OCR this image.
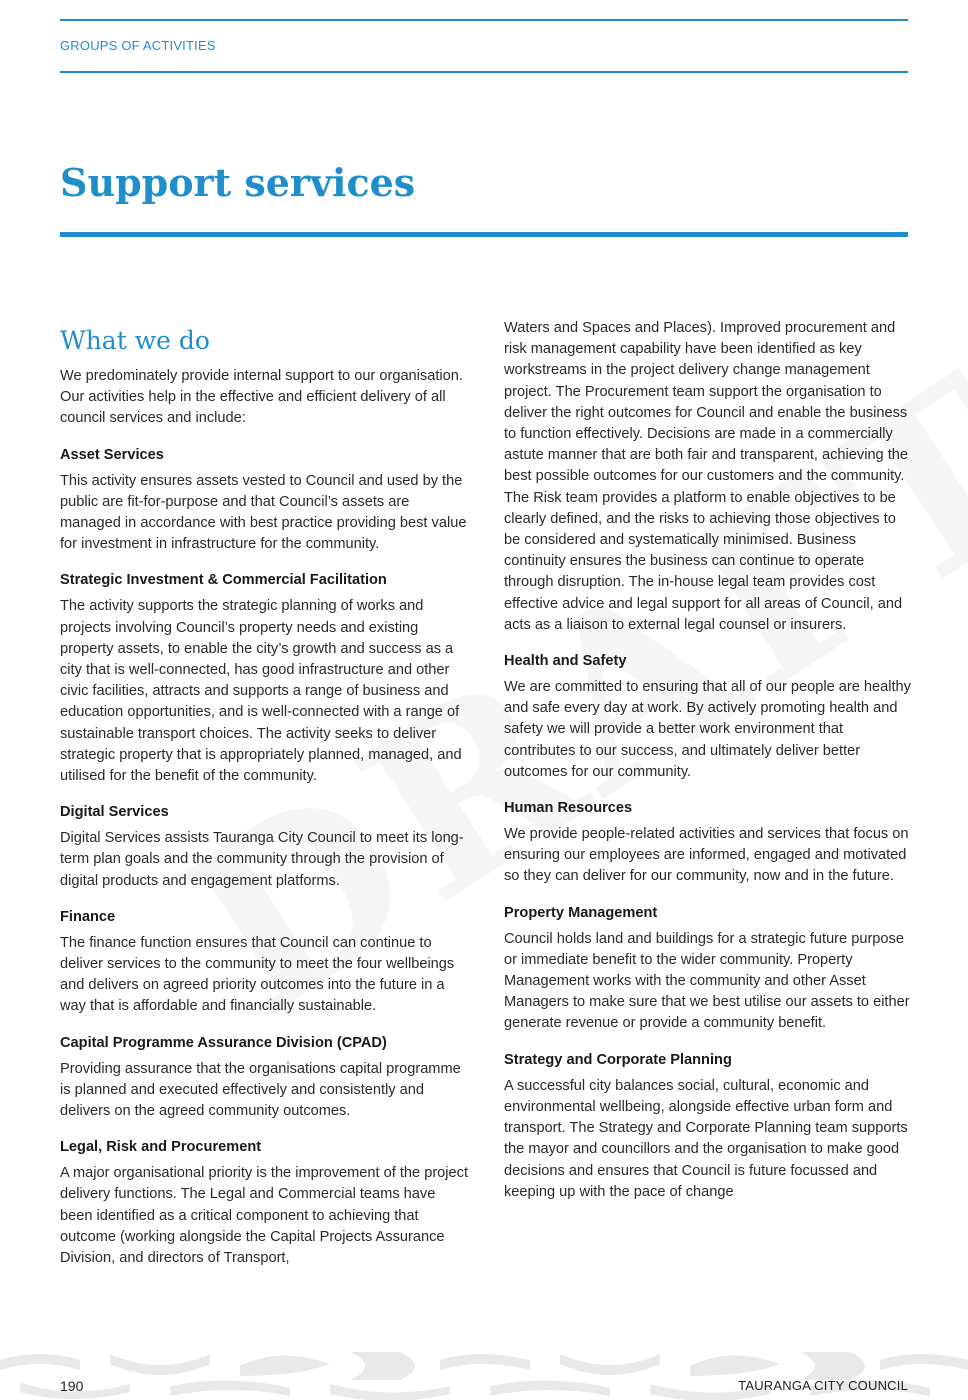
GROUPS OF ACTIVITIES
Support services
What we do

We predominately provide internal support to our organisation. Our activities help in the effective and efficient delivery of all council services and include:

Asset Services

This activity ensures assets vested to Council and used by the public are fit-for-purpose and that Council’s assets are managed in accordance with best practice providing best value for investment in infrastructure for the community.

Strategic Investment & Commercial Facilitation

The activity supports the strategic planning of works and projects involving Council’s property needs and existing property assets, to enable the city’s growth and success as a city that is well-connected, has good infrastructure and other civic facilities, attracts and supports a range of business and education opportunities, and is well-connected with a range of sustainable transport choices. The activity seeks to deliver strategic property that is appropriately planned, managed, and utilised for the benefit of the community.

Digital Services

Digital Services assists Tauranga City Council to meet its long-term plan goals and the community through the provision of digital products and engagement platforms.

Finance

The finance function ensures that Council can continue to deliver services to the community to meet the four wellbeings and delivers on agreed priority outcomes into the future in a way that is affordable and financially sustainable.

Capital Programme Assurance Division (CPAD)

Providing assurance that the organisations capital programme is planned and executed effectively and consistently and delivers on the agreed community outcomes.

Legal, Risk and Procurement

A major organisational priority is the improvement of the project delivery functions. The Legal and Commercial teams have been identified as a critical component to achieving that outcome (working alongside the Capital Projects Assurance Division, and directors of Transport,

Waters and Spaces and Places). Improved procurement and risk management capability have been identified as key workstreams in the project delivery change management project. The Procurement team support the organisation to deliver the right outcomes for Council and enable the business to function effectively. Decisions are made in a commercially astute manner that are both fair and transparent, achieving the best possible outcomes for our customers and the community. The Risk team provides a platform to enable objectives to be clearly defined, and the risks to achieving those objectives to be considered and systematically minimised. Business continuity ensures the business can continue to operate through disruption. The in-house legal team provides cost effective advice and legal support for all areas of Council, and acts as a liaison to external legal counsel or insurers.

Health and Safety

We are committed to ensuring that all of our people are healthy and safe every day at work. By actively promoting health and safety we will provide a better work environment that contributes to our success, and ultimately deliver better outcomes for our community.

Human Resources

We provide people-related activities and services that focus on ensuring our employees are informed, engaged and motivated so they can deliver for our community, now and in the future.

Property Management

Council holds land and buildings for a strategic future purpose or immediate benefit to the wider community. Property Management works with the community and other Asset Managers to make sure that we best utilise our assets to either generate revenue or provide a community benefit.

Strategy and Corporate Planning

A successful city balances social, cultural, economic and environmental wellbeing, alongside effective urban form and transport. The Strategy and Corporate Planning team supports the mayor and councillors and the organisation to make good decisions and ensures that Council is future focussed and keeping up with the pace of change

190	TAURANGA CITY COUNCIL
